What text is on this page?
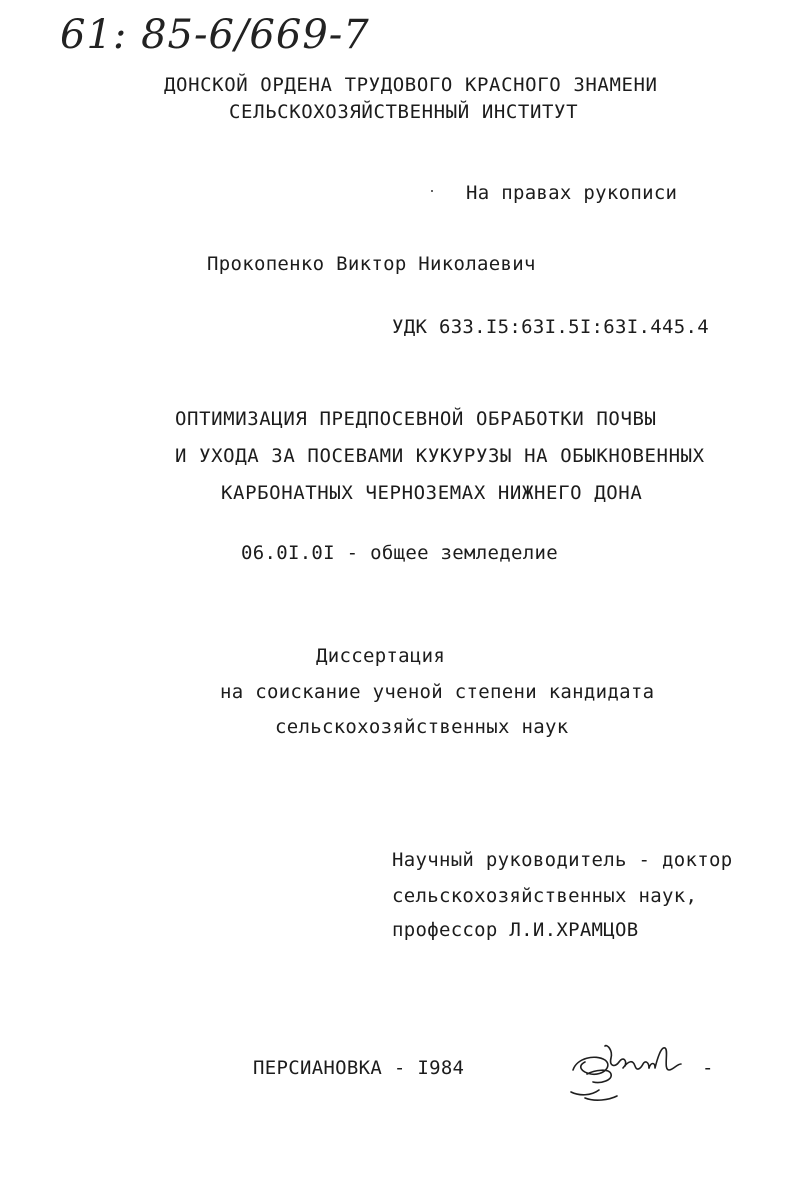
61: 85-6/669-7
ДОНСКОЙ ОРДЕНА ТРУДОВОГО КРАСНОГО ЗНАМЕНИ
СЕЛЬСКОХОЗЯЙСТВЕННЫЙ ИНСТИТУТ
На правах рукописи
Прокопенко Виктор Николаевич
УДК 633.I5:63I.5I:63I.445.4
ОПТИМИЗАЦИЯ ПРЕДПОСЕВНОЙ ОБРАБОТКИ ПОЧВЫ
И УХОДА ЗА ПОСЕВАМИ КУКУРУЗЫ НА ОБЫКНОВЕННЫХ
КАРБОНАТНЫХ ЧЕРНОЗЕМАХ НИЖНЕГО ДОНА
06.0I.0I - общее земледелие
Диссертация
на соискание ученой степени кандидата
сельскохозяйственных наук
Научный руководитель - доктор
сельскохозяйственных наук,
профессор Л.И.ХРАМЦОВ
ПЕРСИАНОВКА - I984	-
